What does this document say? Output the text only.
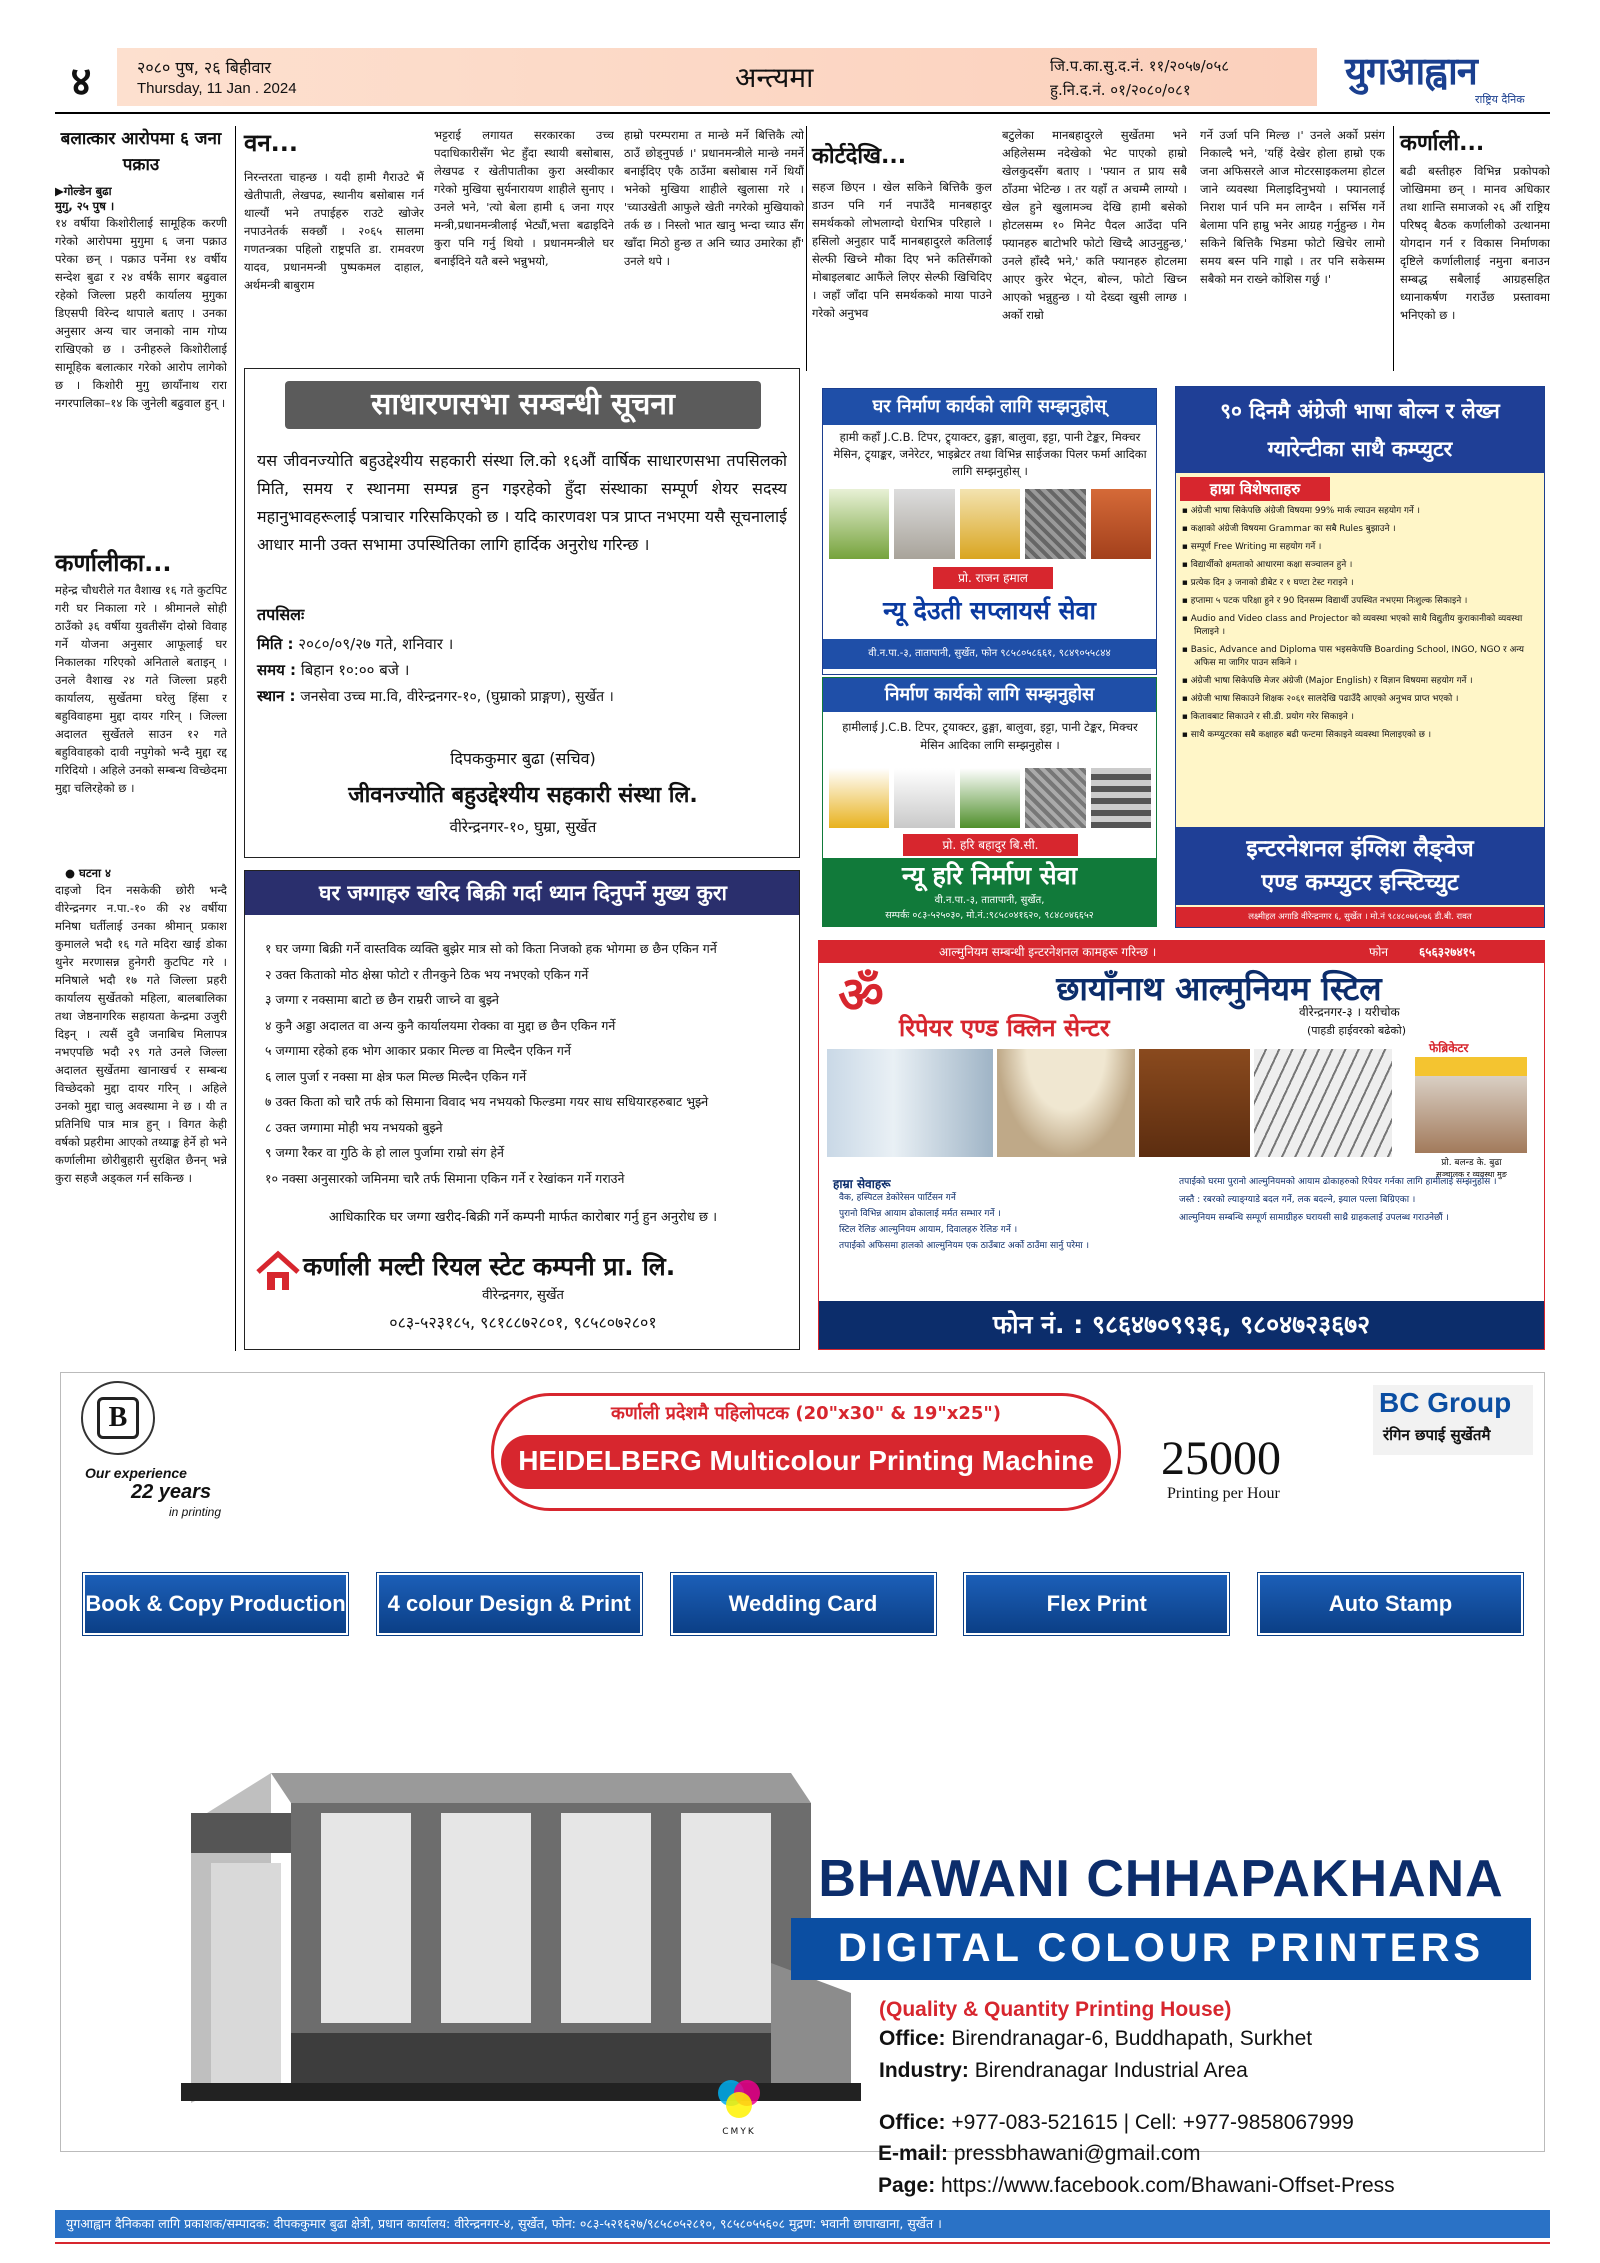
४	२०८० पुष, २६ बिहीवार
Thursday, 11 Jan . 2024	अन्त्यमा	जि.प.का.सु.द.नं. ११/२०५७/०५८
हु.नि.द.नं. ०१/२०८०/०८१	युगआह्वान
राष्ट्रिय दैनिक
बलात्कार आरोपमा ६ जना पक्राउ
▶गोल्डेन बुढा
मुगु, २५ पुष ।
१४ वर्षीया किशोरीलाई सामूहिक करणी गरेको आरोपमा मुगुमा ६ जना पक्राउ परेका छन् । पक्राउ पर्नेमा १४ वर्षीय सन्देश बुढा र २४ वर्षकै सागर बढुवाल रहेको जिल्ला प्रहरी कार्यालय मुगुका डिएसपी विरेन्द थापाले बताए । उनका अनुसार अन्य चार जनाको नाम गोप्य राखिएको छ । उनीहरुले किशोरीलाई सामूहिक बलात्कार गरेको आरोप लागेको छ । किशोरी मुगु छायाँनाथ रारा नगरपालिका–१४ कि जुनेली बढुवाल हुन् ।
कर्णालीका...
महेन्द्र चौधरीले गत वैशाख १६ गते कुटपिट गरी घर निकाला गरे । श्रीमानले सोही ठाउँको ३६ वर्षीया युवतीसँग दोस्रो विवाह गर्ने योजना अनुसार आफूलाई घर निकालका गरिएको अनिताले बताइन् । उनले वैशाख २४ गते जिल्ला प्रहरी कार्यालय, सुर्खेतमा घरेलु हिंसा र बहुविवाहमा मुद्दा दायर गरिन् । जिल्ला अदालत सुर्खेतले साउन १२ गते बहुविवाहको दावी नपुगेको भन्दै मुद्दा रद्द गरिदियो । अहिले उनको सम्बन्ध विच्छेदमा मुद्दा चलिरहेको छ ।
● घटना ४
दाइजो दिन नसकेकी छोरी भन्दै वीरेन्द्रनगर न.पा.-१० की २४ वर्षीया मनिषा घर्तीलाई उनका श्रीमान् प्रकाश कुमालले भदौ १६ गते मदिरा खाई डोका थुनेर मरणासन्न हुनेगरी कुटपिट गरे । मनिषाले भदौ १७ गते जिल्ला प्रहरी कार्यालय सुर्खेतको महिला, बालबालिका तथा जेष्ठनागरिक सहायता केन्द्रमा उजुरी दिइन् । त्यसैं दुवै जनाबिच मिलापत्र नभएपछि भदौ २९ गते उनले जिल्ला अदालत सुर्खेतमा खानाखर्च र सम्बन्ध विच्छेदको मुद्दा दायर गरिन् । अहिले उनको मुद्दा चालु अवस्थामा ने छ । यी त प्रतिनिधि पात्र मात्र हुन् । विगत केही वर्षको प्रहरीमा आएको तथ्याङ्क हेर्ने हो भने कर्णालीमा छोरीबुहारी सुरक्षित छैनन् भन्ने कुरा सहजै अड्कल गर्न सकिन्छ ।
वन...
निरन्तरता चाहन्छ । यदी हामी गैराउटे भैं खेतीपाती, लेखपढ, स्थानीय बसोबास गर्न थाल्यौं भने तपाईहरु राउटे खोजेर नपाउनेतर्क सक्छौं । २०६५ सालमा गणतन्त्रका पहिलो राष्ट्रपति डा. रामवरण यादव, प्रधानमन्त्री पुष्पकमल दाहाल, अर्थमन्त्री बाबुराम
भट्टराई लगायत सरकारका उच्च पदाधिकारीसँग भेट हुँदा स्थायी बसोबास, लेखपढ र खेतीपातीका कुरा अस्वीकार गरेको मुखिया सुर्यनारायण शाहीले सुनाए । उनले भने, 'त्यो बेला हामी ६ जना गएर मन्त्री,प्रधानमन्त्रीलाई भेट्यौं,भत्ता बढाइदिने कुरा पनि गर्नु थियो । प्रधानमन्त्रीले घर बनाईदिने यतै बस्ने भन्नुभयो,
हाम्रो परम्परामा त मान्छे मर्ने बित्तिकै त्यो ठाउँ छोड्नुपर्छ ।' प्रधानमन्त्रीले मान्छे नमर्ने बनाईदिए एकै ठाउँमा बसोबास गर्ने थियौं भनेको मुखिया शाहीले खुलासा गरे । 'च्याउखेती आफुले खेती नगरेको मुखियाको तर्क छ । निस्लो भात खानु भन्दा च्याउ सँग खाँदा मिठो हुन्छ त अनि च्याउ उमारेका हौं' उनले थपे ।
कोर्टदेखि...
सहज छिएन । खेल सकिने बित्तिकै कुल डाउन पनि गर्न नपाउँदै मानबहादुर समर्थकको लोभलाग्दो घेराभित्र परिहाले । हसिलो अनुहार पार्दै मानबहादुरले कतिलाई सेल्फी खिच्ने मौका दिए भने कतिसँगको मोबाइलबाट आफैंले लिएर सेल्फी खिचिदिए । जहाँ जाँदा पनि समर्थकको माया पाउने गरेको अनुभव
बटुलेका मानबहादुरले सुर्खेतमा भने अहिलेसम्म नदेखेको भेट पाएको हाम्रो खेलकुदसँग बताए । 'फ्यान त प्राय सबै ठाँउमा भेटिन्छ । तर यहाँ त अचम्मै लाग्यो । खेल हुने खुलामञ्च देखि हामी बसेको होटलसम्म १० मिनेट पैदल आउँदा पनि फ्यानहरु बाटोभरि फोटो खिच्दै आउनुहुन्छ,' उनले हाँस्दै भने,' कति फ्यानहरु होटलमा आएर कुरेर भेट्न, बोल्न, फोटो खिच्न आएको भन्नुहुन्छ । यो देख्दा खुसी लाग्छ । अर्को राम्रो
गर्ने उर्जा पनि मिल्छ ।' उनले अर्को प्रसंग निकाल्दै भने, 'यहिं देखेर होला हाम्रो एक जना अफिसरले आज मोटरसाइकलमा होटल जाने व्यवस्था मिलाइदिनुभयो । फ्यानलाई निराश पार्न पनि मन लाग्दैन । सर्भिस गर्ने बेलामा पनि हाम्रु भनेर आग्रह गर्नुहुन्छ । गेम सकिने बित्तिकै भिडमा फोटो खिचेर लामो समय बस्न पनि गाह्रो । तर पनि सकेसम्म सबैको मन राख्ने कोशिस गर्छु ।'
कर्णाली...
बढी बस्तीहरु विभिन्न प्रकोपको जोखिममा छन् । मानव अधिकार तथा शान्ति समाजको २६ औं राष्ट्रिय परिषद् बैठक कर्णालीको उत्थानमा योगदान गर्न र विकास निर्माणका दृष्टिले कर्णालीलाई नमुना बनाउन सम्बद्ध सबैलाई आग्रहसहित ध्यानाकर्षण गराउँछ प्रस्तावमा भनिएको छ ।
साधारणसभा सम्बन्धी सूचना
यस जीवनज्योति बहुउद्देश्यीय सहकारी संस्था लि.को १६औं वार्षिक साधारणसभा तपसिलको मिति, समय र स्थानमा सम्पन्न हुन गइरहेको हुँदा संस्थाका सम्पूर्ण शेयर सदस्य महानुभावहरूलाई पत्राचार गरिसकिएको छ । यदि कारणवश पत्र प्राप्त नभएमा यसै सूचनालाई आधार मानी उक्त सभामा उपस्थितिका लागि हार्दिक अनुरोध गरिन्छ ।
तपसिलः
मिति : २०८०/०९/२७ गते, शनिवार ।
समय : बिहान १०:०० बजे ।
स्थान : जनसेवा उच्च मा.वि, वीरेन्द्रनगर-१०, (घुम्राको प्राङ्गण), सुर्खेत ।
दिपककुमार बुढा (सचिव)
जीवनज्योति बहुउद्देश्यीय सहकारी संस्था लि.
वीरेन्द्रनगर-१०, घुम्रा, सुर्खेत
घर जग्गाहरु खरिद बिक्री गर्दा ध्यान दिनुपर्ने मुख्य कुरा
१ घर जग्गा बिक्री गर्ने वास्तविक व्यक्ति बुझेर मात्र सो को किता निजको हक भोगमा छ छैन एकिन गर्ने
२ उक्त किताको मोठ क्षेस्रा फोटो र तीनकुने ठिक भय नभएको एकिन गर्ने
३ जग्गा र नक्सामा बाटो छ छैन राम्ररी जाच्ने वा बुझ्ने
४ कुनै अड्डा अदालत वा अन्य कुनै कार्यालयमा रोक्का वा मुद्दा छ छैन एकिन गर्ने
५ जग्गामा रहेको हक भोग आकार प्रकार मिल्छ वा मिल्दैन एकिन गर्ने
६ लाल पुर्जा र नक्सा मा क्षेत्र फल मिल्छ मिल्दैन एकिन गर्ने
७ उक्त किता को चारै तर्फ को सिमाना विवाद भय नभयको फिल्डमा गयर साध सधियारहरुबाट भुझ्ने
८ उक्त जग्गामा मोही भय नभयको बुझ्ने
९ जग्गा रैकर वा गुठि के हो लाल पुर्जामा राम्रो संग हेर्ने
१० नक्सा अनुसारको जमिनमा चारै तर्फ सिमाना एकिन गर्ने र रेखांकन गर्ने गराउने
आधिकारिक घर जग्गा खरीद-बिक्री गर्ने कम्पनी मार्फत कारोबार गर्नु हुन अनुरोध छ ।
कर्णाली मल्टी रियल स्टेट कम्पनी प्रा. लि.
वीरेन्द्रनगर, सुर्खेत
०८३-५२३१८५, ९८१८८७२८०१, ९८५८०७२८०१
घर निर्माण कार्यको लागि सम्झनुहोस्
हामी कहाँ J.C.B. टिपर, ट्र्याक्टर, ढुङ्गा, बालुवा, इट्टा, पानी टेङ्कर, मिक्चर मेसिन, ट्र्याङ्कर, जनेरेटर, भाइब्रेटर तथा विभिन्न साईजका पिलर फर्मा आदिका लागि सम्झनुहोस् ।
प्रो. राजन हमाल
न्यू देउती सप्लायर्स सेवा
वी.न.पा.-३, तातापानी, सुर्खेत, फोन ९८५८०५८६६१, ९८४९०५५८४४
निर्माण कार्यको लागि सम्झनुहोस
हामीलाई J.C.B. टिपर, ट्र्याक्टर, ढुङ्गा, बालुवा, इट्टा, पानी टेङ्कर, मिक्चर मेसिन आदिका लागि सम्झनुहोस ।
प्रो. हरि बहादुर बि.सी.
न्यू हरि निर्माण सेवा
वी.न.पा.-३, तातापानी, सुर्खेत,
सम्पर्कः ०८३-५२५०३०, मो.नं.:९८५८०४१६२०, ९८४८०४६६५२
९० दिनमै अंग्रेजी भाषा बोल्न र लेख्न ग्यारेन्टीका साथै कम्प्युटर
हाम्रा विशेषताहरु
▪ अंग्रेजी भाषा सिकेपछि अंग्रेजी विषयमा 99% मार्क ल्याउन सहयोग गर्ने ।
▪ कक्षाको अंग्रेजी विषयमा Grammar का सबै Rules बुझाउने ।
▪ सम्पूर्ण Free Writing मा सहयोग गर्ने ।
▪ विद्यार्थीको क्षमताको आधारमा कक्षा सञ्चालन हुने ।
▪ प्रत्येक दिन ३ जनाको डीबेट र १ घण्टा टेस्ट गराइने ।
▪ हप्तामा ५ पटक परिक्षा हुने र 90 दिनसम्म विद्यार्थी उपस्थित नभएमा निःशुल्क सिकाइने ।
▪ Audio and Video class and Projector को व्यवस्था भएको साथै विद्युतीय कुराकानीको व्यवस्था मिलाइने ।
▪ Basic, Advance and Diploma पास भइसकेपछि Boarding School, INGO, NGO र अन्य अफिस मा जागिर पाउन सकिने ।
▪ अंग्रेजी भाषा सिकेपछि मेजर अंग्रेजी (Major English) र विज्ञान विषयमा सहयोग गर्ने ।
▪ अंग्रेजी भाषा सिकाउने शिक्षक २०६१ सालदेखि पढाउँदै आएको अनुभव प्राप्त भएको ।
▪ कितावबाट सिकाउने र सी.डी. प्रयोग गरेर सिकाइने ।
▪ साथै कम्प्युटरका सबै कक्षाहरु बढी फन्टमा सिकाइने व्यवस्था मिलाइएको छ ।
इन्टरनेशनल इंग्लिश लैङ्वेज
एण्ड कम्प्युटर इन्स्टिच्युट
लक्ष्मीहल अगाडि वीरेन्द्रनगर ६, सुर्खेत । मो.नं ९८४८०७६०७६ डी.बी. रावत
आल्मुनियम सम्बन्धी इन्टरनेशनल कामहरू गरिन्छ ।	फोन	६५६३२७४१५
ॐ	छायाँनाथ आल्मुनियम स्टिल
रिपेयर एण्ड क्लिन सेन्टर
वीरेन्द्रनगर-३ । यरीचोक
(पाहडी हाईवरको बढेको)
फेब्रिकेटर
प्रो. बलन्ड के. बुढा
सञ्चालक र व्यवस्था मुङ
हाम्रा सेवाहरू
वैक, हस्पिटल डेकोरेसन पार्टिसन गर्ने
पुरानो विभिन्न आयाम ढोकालाई मर्मत सम्भार गर्ने ।
स्टिल रेलिङ आल्मुनियम आयाम, दिवालहरु रेलिङ गर्ने ।
तपाईको अफिसमा हालको आल्मुनियम एक ठाउँबाट अर्को ठाउँमा सार्नु परेमा ।
तपाईको घरमा पुरानो आल्मुनियमको आयाम ढोकाहरुको रिपेयर गर्नका लागि हामीलाई सम्झनुहोस ।
जस्तै : रबरको ल्याङ्ग्याडे बदल गर्ने, लक बदल्ने, झ्याल पल्ला बिग्रिएका ।
आल्मुनियम सम्बन्धि सम्पूर्ण सामाग्रीहरु घरायसी साथ्रै ग्राहकलाई उपलब्ध गराउनेछौं ।
फोन नं. : ९८६४७०९९३६, ९८०४७२३६७२
B
Our experience
22 years
in printing
कर्णाली प्रदेशमै पहिलोपटक (20"x30" & 19"x25")
HEIDELBERG Multicolour Printing Machine	25000
Printing per Hour
BC Group
रंगिन छपाई सुर्खेतमै
Book & Copy Production	4 colour Design & Print	Wedding Card	Flex Print	Auto Stamp
BHAWANI CHHAPAKHANA
DIGITAL COLOUR PRINTERS
(Quality & Quantity Printing House)
Office: Birendranagar-6, Buddhapath, Surkhet
Industry: Birendranagar Industrial Area
CMYK	Office: +977-083-521615 | Cell: +977-9858067999
E-mail: pressbhawani@gmail.com
Page: https://www.facebook.com/Bhawani-Offset-Press
युगआह्वान दैनिकका लागि प्रकाशक/सम्पादक: दीपककुमार बुढा क्षेत्री, प्रधान कार्यालय: वीरेन्द्रनगर-४, सुर्खेत, फोन: ०८३-५२१६२७/९८५८०५२८१०, ९८५८०५५६०८ मुद्रण: भवानी छापाखाना, सुर्खेत ।
